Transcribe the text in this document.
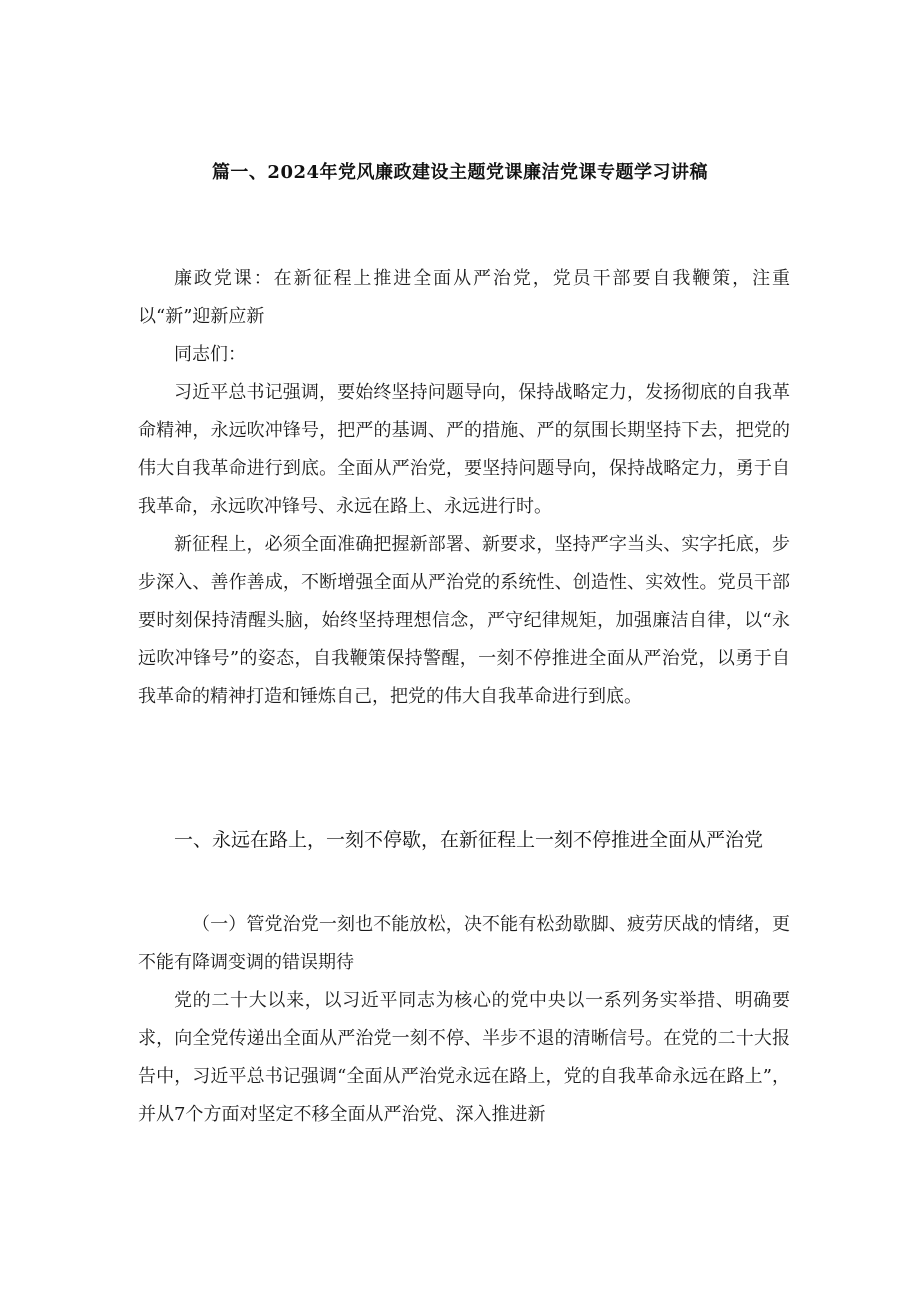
篇一、2024年党风廉政建设主题党课廉洁党课专题学习讲稿

廉政党课：在新征程上推进全面从严治党，党员干部要自我鞭策，注重以“新”迎新应新

同志们：

习近平总书记强调，要始终坚持问题导向，保持战略定力，发扬彻底的自我革命精神，永远吹冲锋号，把严的基调、严的措施、严的氛围长期坚持下去，把党的伟大自我革命进行到底。全面从严治党，要坚持问题导向，保持战略定力，勇于自我革命，永远吹冲锋号、永远在路上、永远进行时。

新征程上，必须全面准确把握新部署、新要求，坚持严字当头、实字托底，步步深入、善作善成，不断增强全面从严治党的系统性、创造性、实效性。党员干部要时刻保持清醒头脑，始终坚持理想信念，严守纪律规矩，加强廉洁自律，以“永远吹冲锋号”的姿态，自我鞭策保持警醒，一刻不停推进全面从严治党，以勇于自我革命的精神打造和锤炼自己，把党的伟大自我革命进行到底。

一、永远在路上，一刻不停歇，在新征程上一刻不停推进全面从严治党

（一）管党治党一刻也不能放松，决不能有松劲歇脚、疲劳厌战的情绪，更不能有降调变调的错误期待

党的二十大以来，以习近平同志为核心的党中央以一系列务实举措、明确要求，向全党传递出全面从严治党一刻不停、半步不退的清晰信号。在党的二十大报告中，习近平总书记强调“全面从严治党永远在路上，党的自我革命永远在路上”，并从7个方面对坚定不移全面从严治党、深入推进新
